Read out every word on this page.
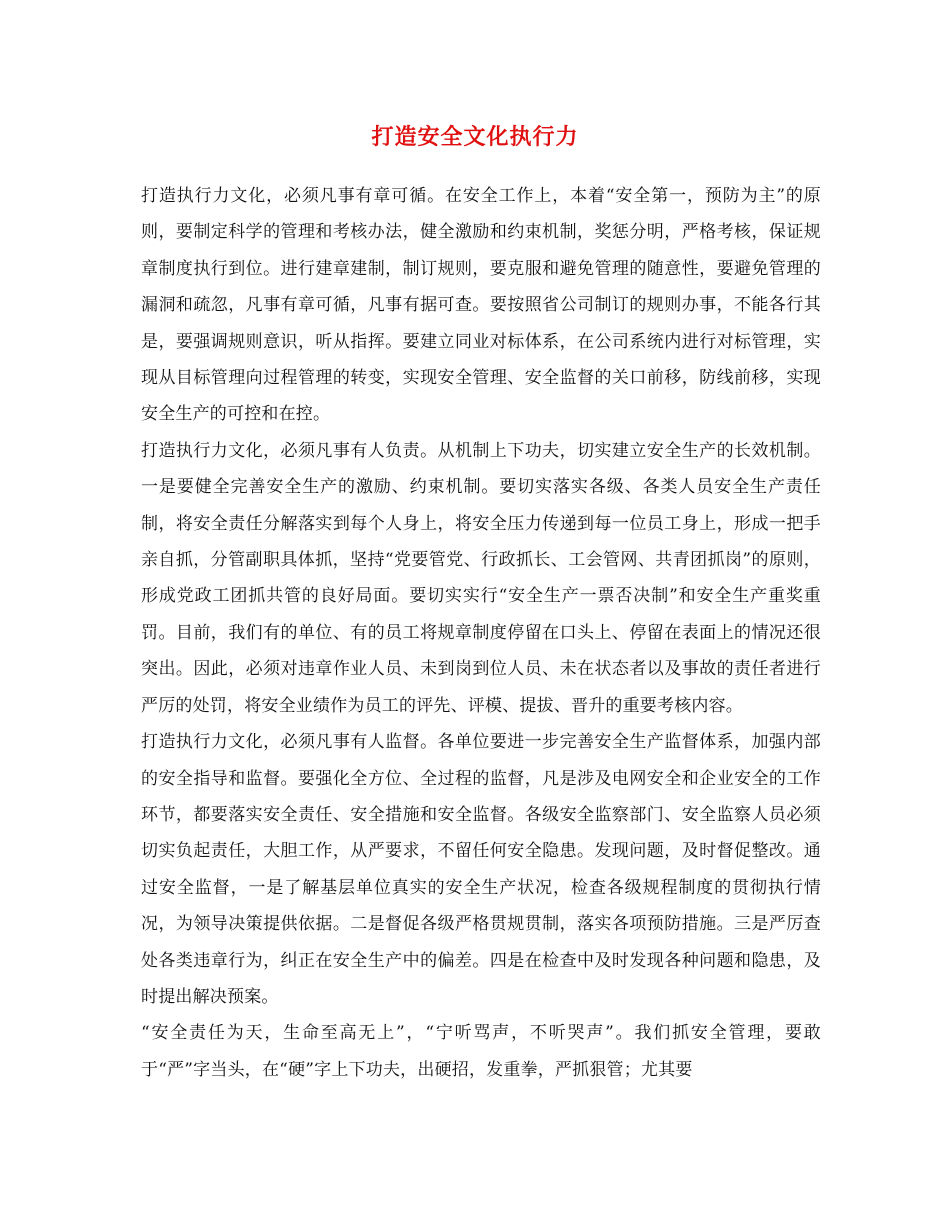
打造安全文化执行力

打造执行力文化，必须凡事有章可循。在安全工作上，本着“安全第一，预防为主”的原则，要制定科学的管理和考核办法，健全激励和约束机制，奖惩分明，严格考核，保证规章制度执行到位。进行建章建制，制订规则，要克服和避免管理的随意性，要避免管理的漏洞和疏忽，凡事有章可循，凡事有据可查。要按照省公司制订的规则办事，不能各行其是，要强调规则意识，听从指挥。要建立同业对标体系，在公司系统内进行对标管理，实现从目标管理向过程管理的转变，实现安全管理、安全监督的关口前移，防线前移，实现安全生产的可控和在控。

打造执行力文化，必须凡事有人负责。从机制上下功夫，切实建立安全生产的长效机制。一是要健全完善安全生产的激励、约束机制。要切实落实各级、各类人员安全生产责任制，将安全责任分解落实到每个人身上，将安全压力传递到每一位员工身上，形成一把手亲自抓，分管副职具体抓，坚持“党要管党、行政抓长、工会管网、共青团抓岗”的原则，形成党政工团抓共管的良好局面。要切实实行“安全生产一票否决制”和安全生产重奖重罚。目前，我们有的单位、有的员工将规章制度停留在口头上、停留在表面上的情况还很突出。因此，必须对违章作业人员、未到岗到位人员、未在状态者以及事故的责任者进行严厉的处罚，将安全业绩作为员工的评先、评模、提拔、晋升的重要考核内容。

打造执行力文化，必须凡事有人监督。各单位要进一步完善安全生产监督体系，加强内部的安全指导和监督。要强化全方位、全过程的监督，凡是涉及电网安全和企业安全的工作环节，都要落实安全责任、安全措施和安全监督。各级安全监察部门、安全监察人员必须切实负起责任，大胆工作，从严要求，不留任何安全隐患。发现问题，及时督促整改。通过安全监督，一是了解基层单位真实的安全生产状况，检查各级规程制度的贯彻执行情况，为领导决策提供依据。二是督促各级严格贯规贯制，落实各项预防措施。三是严厉查处各类违章行为，纠正在安全生产中的偏差。四是在检查中及时发现各种问题和隐患，及时提出解决预案。

“安全责任为天，生命至高无上”，“宁听骂声，不听哭声”。我们抓安全管理，要敢于“严”字当头，在“硬”字上下功夫，出硬招，发重拳，严抓狠管；尤其要
